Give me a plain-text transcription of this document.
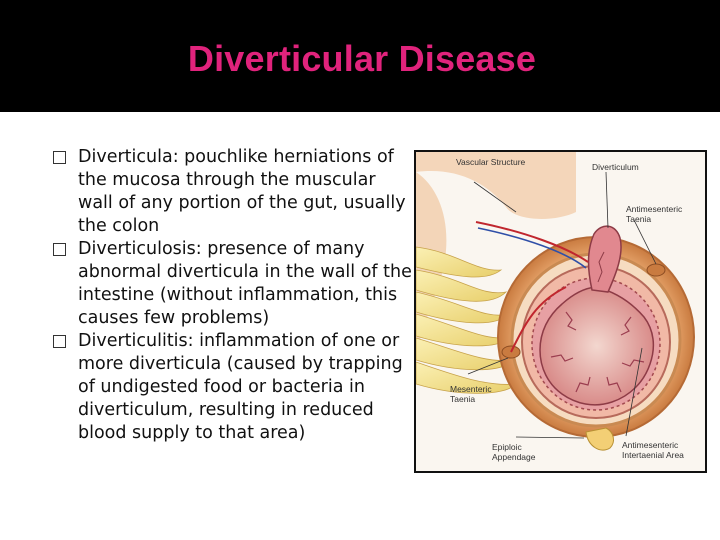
Diverticular Disease
Diverticula: pouchlike herniations of the mucosa through the muscular wall of any portion of the gut, usually the colon
Diverticulosis: presence of many abnormal diverticula in the wall of the intestine (without inflammation, this causes few problems)
Diverticulitis: inflammation of one or more diverticula (caused by trapping of undigested food or bacteria in diverticulum, resulting in reduced blood supply to that area)
Vascular Structure	Diverticulum
Antimesenteric Taenia
Mesenteric Taenia
Epiploic Appendage
Antimesenteric Intertaenial Area
